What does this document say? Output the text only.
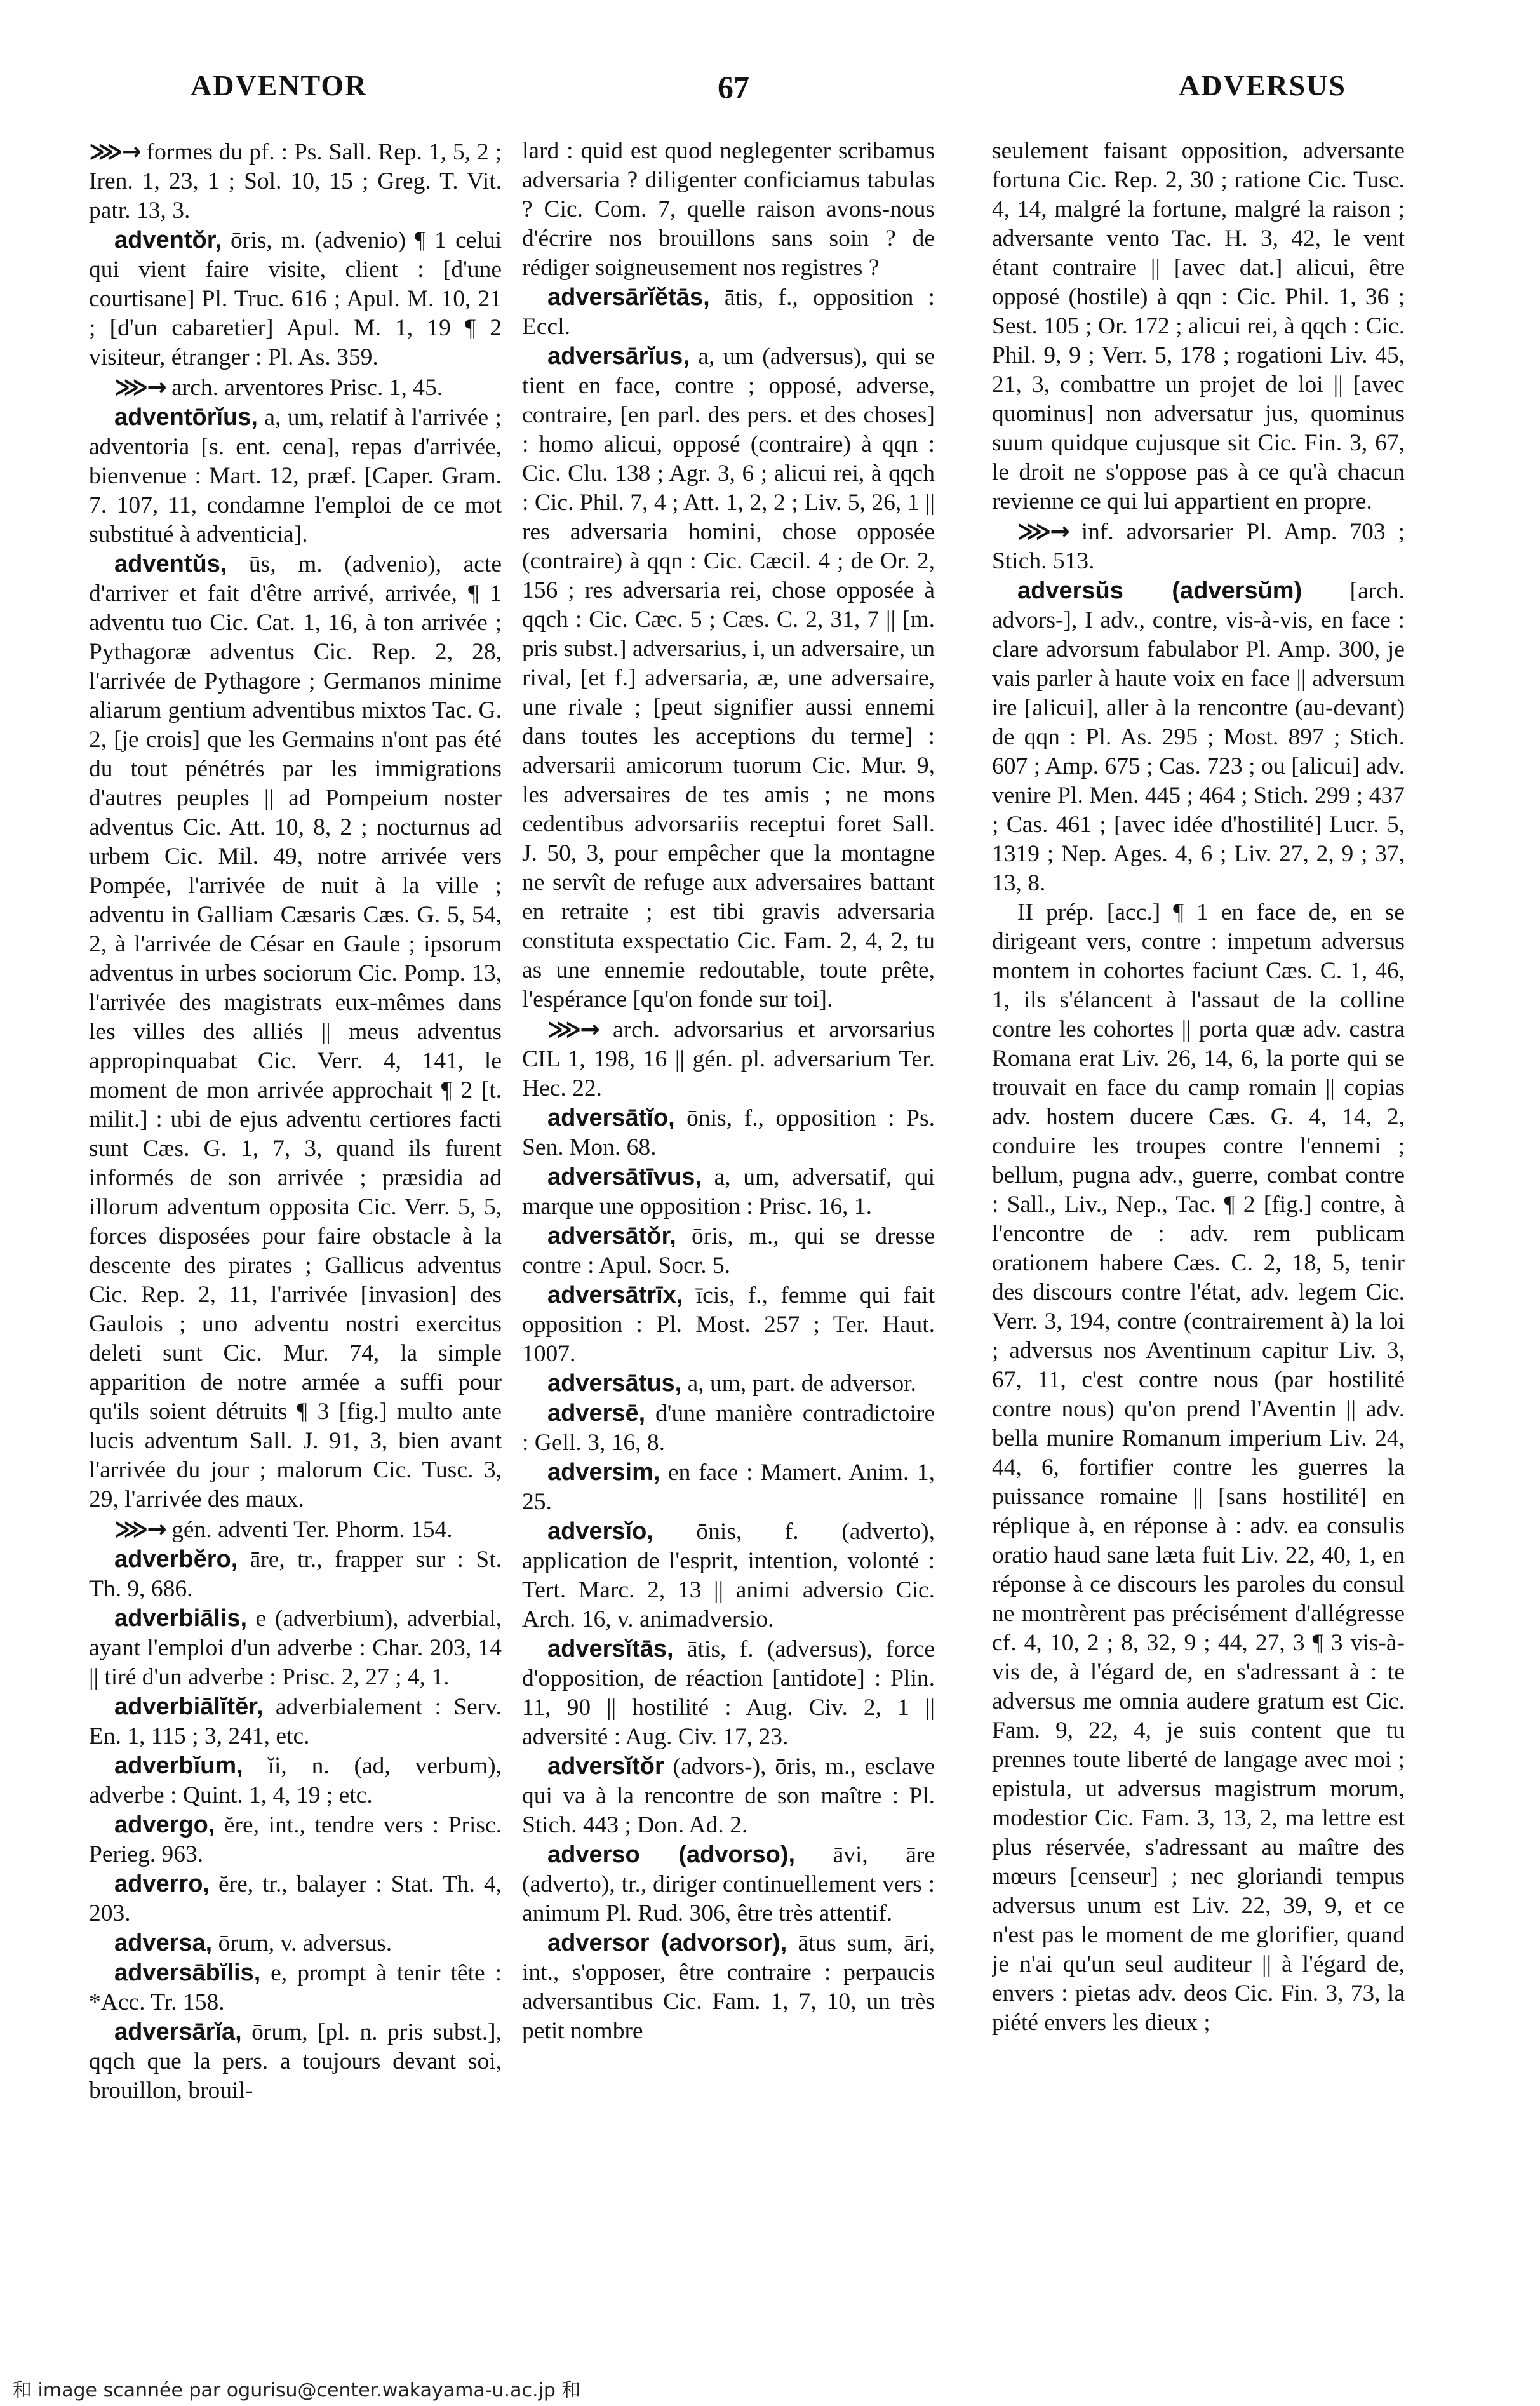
ADVENTOR	67	ADVERSUS

⋙→ formes du pf. : Ps. Sall. Rep. 1, 5, 2 ; Iren. 1, 23, 1 ; Sol. 10, 15 ; Greg. T. Vit. patr. 13, 3.

adventŏr, ōris, m. (advenio) ¶ 1 celui qui vient faire visite, client : [d'une courtisane] Pl. Truc. 616 ; Apul. M. 10, 21 ; [d'un cabaretier] Apul. M. 1, 19 ¶ 2 visiteur, étranger : Pl. As. 359.

⋙→ arch. arventores Prisc. 1, 45.

adventōrĭus, a, um, relatif à l'arrivée ; adventoria [s. ent. cena], repas d'arrivée, bienvenue : Mart. 12, præf. [Caper. Gram. 7. 107, 11, condamne l'emploi de ce mot substitué à adventicia].

adventŭs, ūs, m. (advenio), acte d'arriver et fait d'être arrivé, arrivée, ¶ 1 adventu tuo Cic. Cat. 1, 16, à ton arrivée ; Pythagoræ adventus Cic. Rep. 2, 28, l'arrivée de Pythagore ; Germanos minime aliarum gentium adventibus mixtos Tac. G. 2, [je crois] que les Germains n'ont pas été du tout pénétrés par les immigrations d'autres peuples || ad Pompeium noster adventus Cic. Att. 10, 8, 2 ; nocturnus ad urbem Cic. Mil. 49, notre arrivée vers Pompée, l'arrivée de nuit à la ville ; adventu in Galliam Cæsaris Cæs. G. 5, 54, 2, à l'arrivée de César en Gaule ; ipsorum adventus in urbes sociorum Cic. Pomp. 13, l'arrivée des magistrats eux-mêmes dans les villes des alliés || meus adventus appropinquabat Cic. Verr. 4, 141, le moment de mon arrivée approchait ¶ 2 [t. milit.] : ubi de ejus adventu certiores facti sunt Cæs. G. 1, 7, 3, quand ils furent informés de son arrivée ; præsidia ad illorum adventum opposita Cic. Verr. 5, 5, forces disposées pour faire obstacle à la descente des pirates ; Gallicus adventus Cic. Rep. 2, 11, l'arrivée [invasion] des Gaulois ; uno adventu nostri exercitus deleti sunt Cic. Mur. 74, la simple apparition de notre armée a suffi pour qu'ils soient détruits ¶ 3 [fig.] multo ante lucis adventum Sall. J. 91, 3, bien avant l'arrivée du jour ; malorum Cic. Tusc. 3, 29, l'arrivée des maux.

⋙→ gén. adventi Ter. Phorm. 154.

adverbĕro, āre, tr., frapper sur : St. Th. 9, 686.

adverbiālis, e (adverbium), adverbial, ayant l'emploi d'un adverbe : Char. 203, 14 || tiré d'un adverbe : Prisc. 2, 27 ; 4, 1.

adverbiālĭtĕr, adverbialement : Serv. En. 1, 115 ; 3, 241, etc.

adverbĭum, ĭi, n. (ad, verbum), adverbe : Quint. 1, 4, 19 ; etc.

advergo, ĕre, int., tendre vers : Prisc. Perieg. 963.

adverro, ĕre, tr., balayer : Stat. Th. 4, 203.

adversa, ōrum, v. adversus.

adversābĭlis, e, prompt à tenir tête : *Acc. Tr. 158.

adversārĭa, ōrum, [pl. n. pris subst.], qqch que la pers. a toujours devant soi, brouillon, brouil-

lard : quid est quod neglegenter scribamus adversaria ? diligenter conficiamus tabulas ? Cic. Com. 7, quelle raison avons-nous d'écrire nos brouillons sans soin ? de rédiger soigneusement nos registres ?

adversārĭĕtās, ātis, f., opposition : Eccl.

adversārĭus, a, um (adversus), qui se tient en face, contre ; opposé, adverse, contraire, [en parl. des pers. et des choses] : homo alicui, opposé (contraire) à qqn : Cic. Clu. 138 ; Agr. 3, 6 ; alicui rei, à qqch : Cic. Phil. 7, 4 ; Att. 1, 2, 2 ; Liv. 5, 26, 1 || res adversaria homini, chose opposée (contraire) à qqn : Cic. Cæcil. 4 ; de Or. 2, 156 ; res adversaria rei, chose opposée à qqch : Cic. Cæc. 5 ; Cæs. C. 2, 31, 7 || [m. pris subst.] adversarius, i, un adversaire, un rival, [et f.] adversaria, æ, une adversaire, une rivale ; [peut signifier aussi ennemi dans toutes les acceptions du terme] : adversarii amicorum tuorum Cic. Mur. 9, les adversaires de tes amis ; ne mons cedentibus advorsariis receptui foret Sall. J. 50, 3, pour empêcher que la montagne ne servît de refuge aux adversaires battant en retraite ; est tibi gravis adversaria constituta exspectatio Cic. Fam. 2, 4, 2, tu as une ennemie redoutable, toute prête, l'espérance [qu'on fonde sur toi].

⋙→ arch. advorsarius et arvorsarius CIL 1, 198, 16 || gén. pl. adversarium Ter. Hec. 22.

adversātĭo, ōnis, f., opposition : Ps. Sen. Mon. 68.

adversātīvus, a, um, adversatif, qui marque une opposition : Prisc. 16, 1.

adversātŏr, ōris, m., qui se dresse contre : Apul. Socr. 5.

adversātrīx, īcis, f., femme qui fait opposition : Pl. Most. 257 ; Ter. Haut. 1007.

adversātus, a, um, part. de adversor.

adversē, d'une manière contradictoire : Gell. 3, 16, 8.

adversim, en face : Mamert. Anim. 1, 25.

adversĭo, ōnis, f. (adverto), application de l'esprit, intention, volonté : Tert. Marc. 2, 13 || animi adversio Cic. Arch. 16, v. animadversio.

adversĭtās, ātis, f. (adversus), force d'opposition, de réaction [antidote] : Plin. 11, 90 || hostilité : Aug. Civ. 2, 1 || adversité : Aug. Civ. 17, 23.

adversĭtŏr (advors-), ōris, m., esclave qui va à la rencontre de son maître : Pl. Stich. 443 ; Don. Ad. 2.

adverso (advorso), āvi, āre (adverto), tr., diriger continuellement vers : animum Pl. Rud. 306, être très attentif.

adversor (advorsor), ātus sum, āri, int., s'opposer, être contraire : perpaucis adversantibus Cic. Fam. 1, 7, 10, un très petit nombre

seulement faisant opposition, adversante fortuna Cic. Rep. 2, 30 ; ratione Cic. Tusc. 4, 14, malgré la fortune, malgré la raison ; adversante vento Tac. H. 3, 42, le vent étant contraire || [avec dat.] alicui, être opposé (hostile) à qqn : Cic. Phil. 1, 36 ; Sest. 105 ; Or. 172 ; alicui rei, à qqch : Cic. Phil. 9, 9 ; Verr. 5, 178 ; rogationi Liv. 45, 21, 3, combattre un projet de loi || [avec quominus] non adversatur jus, quominus suum quidque cujusque sit Cic. Fin. 3, 67, le droit ne s'oppose pas à ce qu'à chacun revienne ce qui lui appartient en propre.

⋙→ inf. advorsarier Pl. Amp. 703 ; Stich. 513.

adversŭs (adversŭm) [arch. advors-], I adv., contre, vis-à-vis, en face : clare advorsum fabulabor Pl. Amp. 300, je vais parler à haute voix en face || adversum ire [alicui], aller à la rencontre (au-devant) de qqn : Pl. As. 295 ; Most. 897 ; Stich. 607 ; Amp. 675 ; Cas. 723 ; ou [alicui] adv. venire Pl. Men. 445 ; 464 ; Stich. 299 ; 437 ; Cas. 461 ; [avec idée d'hostilité] Lucr. 5, 1319 ; Nep. Ages. 4, 6 ; Liv. 27, 2, 9 ; 37, 13, 8.

II prép. [acc.] ¶ 1 en face de, en se dirigeant vers, contre : impetum adversus montem in cohortes faciunt Cæs. C. 1, 46, 1, ils s'élancent à l'assaut de la colline contre les cohortes || porta quæ adv. castra Romana erat Liv. 26, 14, 6, la porte qui se trouvait en face du camp romain || copias adv. hostem ducere Cæs. G. 4, 14, 2, conduire les troupes contre l'ennemi ; bellum, pugna adv., guerre, combat contre : Sall., Liv., Nep., Tac. ¶ 2 [fig.] contre, à l'encontre de : adv. rem publicam orationem habere Cæs. C. 2, 18, 5, tenir des discours contre l'état, adv. legem Cic. Verr. 3, 194, contre (contrairement à) la loi ; adversus nos Aventinum capitur Liv. 3, 67, 11, c'est contre nous (par hostilité contre nous) qu'on prend l'Aventin || adv. bella munire Romanum imperium Liv. 24, 44, 6, fortifier contre les guerres la puissance romaine || [sans hostilité] en réplique à, en réponse à : adv. ea consulis oratio haud sane læta fuit Liv. 22, 40, 1, en réponse à ce discours les paroles du consul ne montrèrent pas précisément d'allégresse cf. 4, 10, 2 ; 8, 32, 9 ; 44, 27, 3 ¶ 3 vis-à-vis de, à l'égard de, en s'adressant à : te adversus me omnia audere gratum est Cic. Fam. 9, 22, 4, je suis content que tu prennes toute liberté de langage avec moi ; epistula, ut adversus magistrum morum, modestior Cic. Fam. 3, 13, 2, ma lettre est plus réservée, s'adressant au maître des mœurs [censeur] ; nec gloriandi tempus adversus unum est Liv. 22, 39, 9, et ce n'est pas le moment de me glorifier, quand je n'ai qu'un seul auditeur || à l'égard de, envers : pietas adv. deos Cic. Fin. 3, 73, la piété envers les dieux ;

和 image scannée par ogurisu@center.wakayama-u.ac.jp 和
